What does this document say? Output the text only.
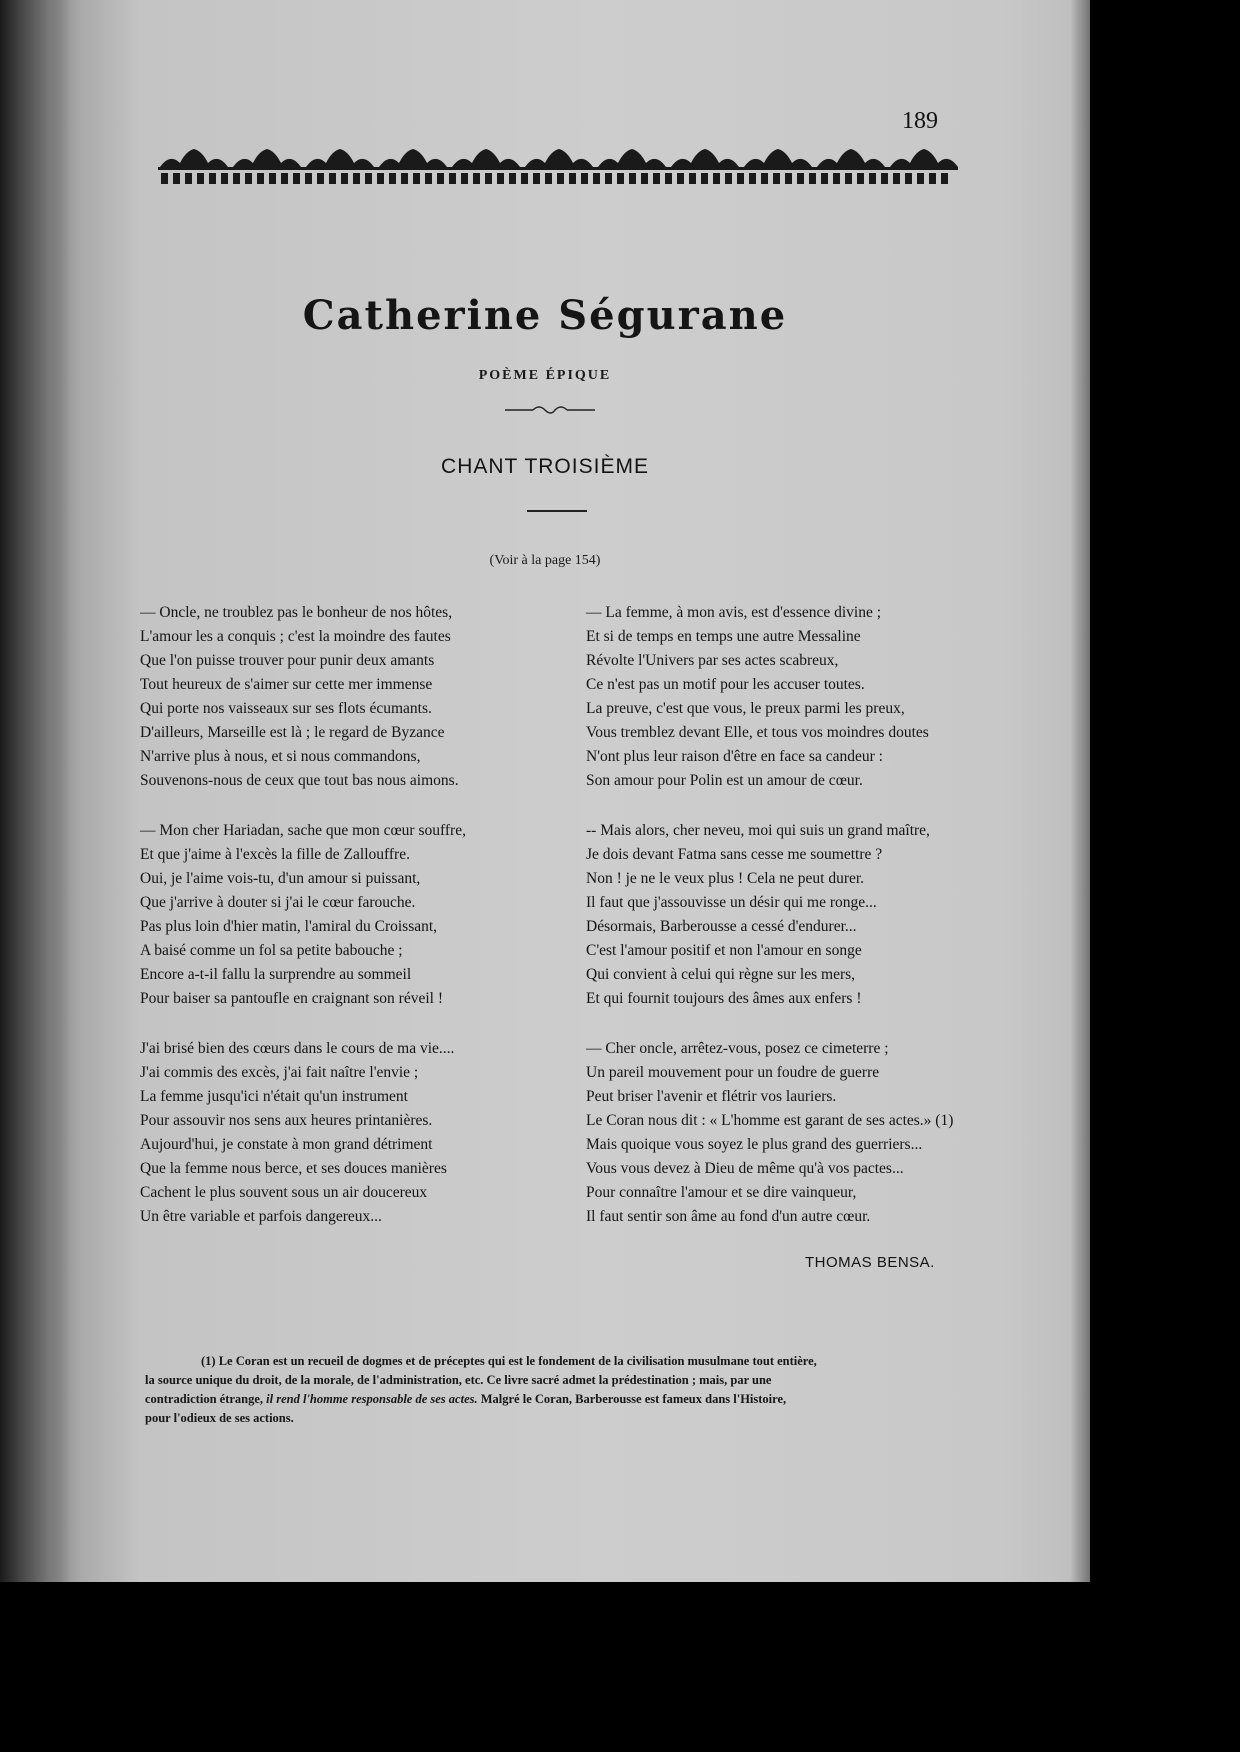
189
Catherine Séguranе
POÈME ÉPIQUE
CHANT TROISIÈME
(Voir à la page 154)
— Oncle, ne troublez pas le bonheur de nos hôtes,
L'amour les a conquis ; c'est la moindre des fautes
Que l'on puisse trouver pour punir deux amants
Tout heureux de s'aimer sur cette mer immense
Qui porte nos vaisseaux sur ses flots écumants.
D'ailleurs, Marseille est là ; le regard de Byzance
N'arrive plus à nous, et si nous commandons,
Souvenons-nous de ceux que tout bas nous aimons.
— Mon cher Hariadan, sache que mon cœur souffre,
Et que j'aime à l'excès la fille de Zallouffre.
Oui, je l'aime vois-tu, d'un amour si puissant,
Que j'arrive à douter si j'ai le cœur farouche.
Pas plus loin d'hier matin, l'amiral du Croissant,
A baisé comme un fol sa petite babouche ;
Encore a-t-il fallu la surprendre au sommeil
Pour baiser sa pantoufle en craignant son réveil !
J'ai brisé bien des cœurs dans le cours de ma vie....
J'ai commis des excès, j'ai fait naître l'envie ;
La femme jusqu'ici n'était qu'un instrument
Pour assouvir nos sens aux heures printanières.
Aujourd'hui, je constate à mon grand détriment
Que la femme nous berce, et ses douces manières
Cachent le plus souvent sous un air doucereux
Un être variable et parfois dangereux...
— La femme, à mon avis, est d'essence divine ;
Et si de temps en temps une autre Messaline
Révolte l'Univers par ses actes scabreux,
Ce n'est pas un motif pour les accuser toutes.
La preuve, c'est que vous, le preux parmi les preux,
Vous tremblez devant Elle, et tous vos moindres doutes
N'ont plus leur raison d'être en face sa candeur :
Son amour pour Polin est un amour de cœur.
-- Mais alors, cher neveu, moi qui suis un grand maître,
Je dois devant Fatma sans cesse me soumettre ?
Non ! je ne le veux plus ! Cela ne peut durer.
Il faut que j'assouvisse un désir qui me ronge...
Désormais, Barberousse a cessé d'endurer...
C'est l'amour positif et non l'amour en songe
Qui convient à celui qui règne sur les mers,
Et qui fournit toujours des âmes aux enfers !
— Cher oncle, arrêtez-vous, posez ce cimeterre ;
Un pareil mouvement pour un foudre de guerre
Peut briser l'avenir et flétrir vos lauriers.
Le Coran nous dit : « L'homme est garant de ses actes.» (1)
Mais quoique vous soyez le plus grand des guerriers...
Vous vous devez à Dieu de même qu'à vos pactes...
Pour connaître l'amour et se dire vainqueur,
Il faut sentir son âme au fond d'un autre cœur.
THOMAS BENSA.
(1) Le Coran est un recueil de dogmes et de préceptes qui est le fondement de la civilisation musulmane tout entière,
la source unique du droit, de la morale, de l'administration, etc. Ce livre sacré admet la prédestination ; mais, par une
contradiction étrange, il rend l'homme responsable de ses actes. Malgré le Coran, Barberousse est fameux dans l'Histoire,
pour l'odieux de ses actions.
